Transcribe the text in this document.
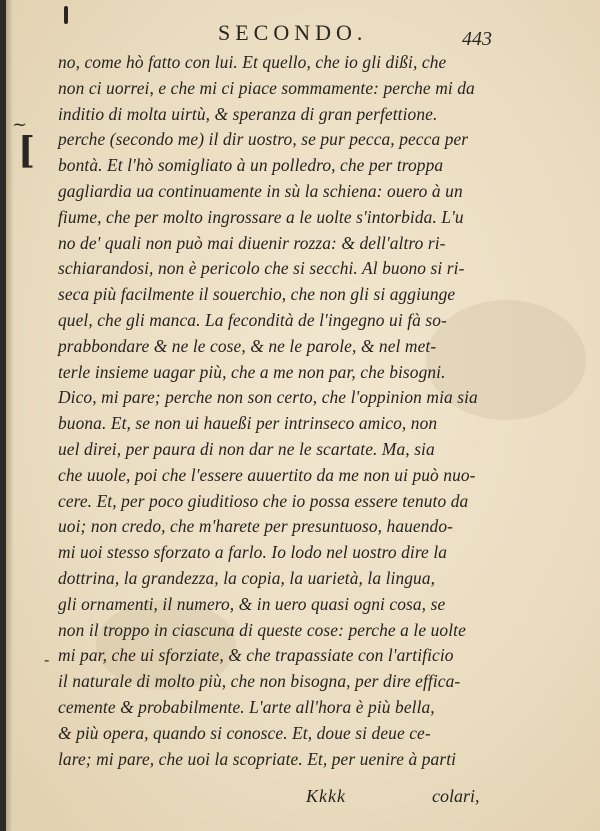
SECONDO.	443
~
[
-
no, come hò fatto con lui. Et quello, che io gli dißi, che
non ci uorrei, e che mi ci piace sommamente: perche mi da
inditio di molta uirtù, & speranza di gran perfettione.
perche (secondo me) il dir uostro, se pur pecca, pecca per
bontà. Et l'hò somigliato à un polledro, che per troppa
gagliardia ua continuamente in sù la schiena: ouero à un
fiume, che per molto ingrossare a le uolte s'intorbida. L'u
no de' quali non può mai diuenir rozza: & dell'altro ri-
schiarandosi, non è pericolo che si secchi. Al buono si ri-
seca più facilmente il souerchio, che non gli si aggiunge
quel, che gli manca. La fecondità de l'ingegno ui fà so-
prabbondare & ne le cose, & ne le parole, & nel met-
terle insieme uagar più, che a me non par, che bisogni.
Dico, mi pare; perche non son certo, che l'oppinion mia sia
buona. Et, se non ui haueßi per intrinseco amico, non
uel direi, per paura di non dar ne le scartate. Ma, sia
che uuole, poi che l'essere auuertito da me non ui può nuo-
cere. Et, per poco giuditioso che io possa essere tenuto da
uoi; non credo, che m'harete per presuntuoso, hauendo-
mi uoi stesso sforzato a farlo. Io lodo nel uostro dire la
dottrina, la grandezza, la copia, la uarietà, la lingua,
gli ornamenti, il numero, & in uero quasi ogni cosa, se
non il troppo in ciascuna di queste cose: perche a le uolte
mi par, che ui sforziate, & che trapassiate con l'artificio
il naturale di molto più, che non bisogna, per dire effica-
cemente & probabilmente. L'arte all'hora è più bella,
& più opera, quando si conosce. Et, doue si deue ce-
lare; mi pare, che uoi la scopriate. Et, per uenire à parti
Kkkk	colari,
